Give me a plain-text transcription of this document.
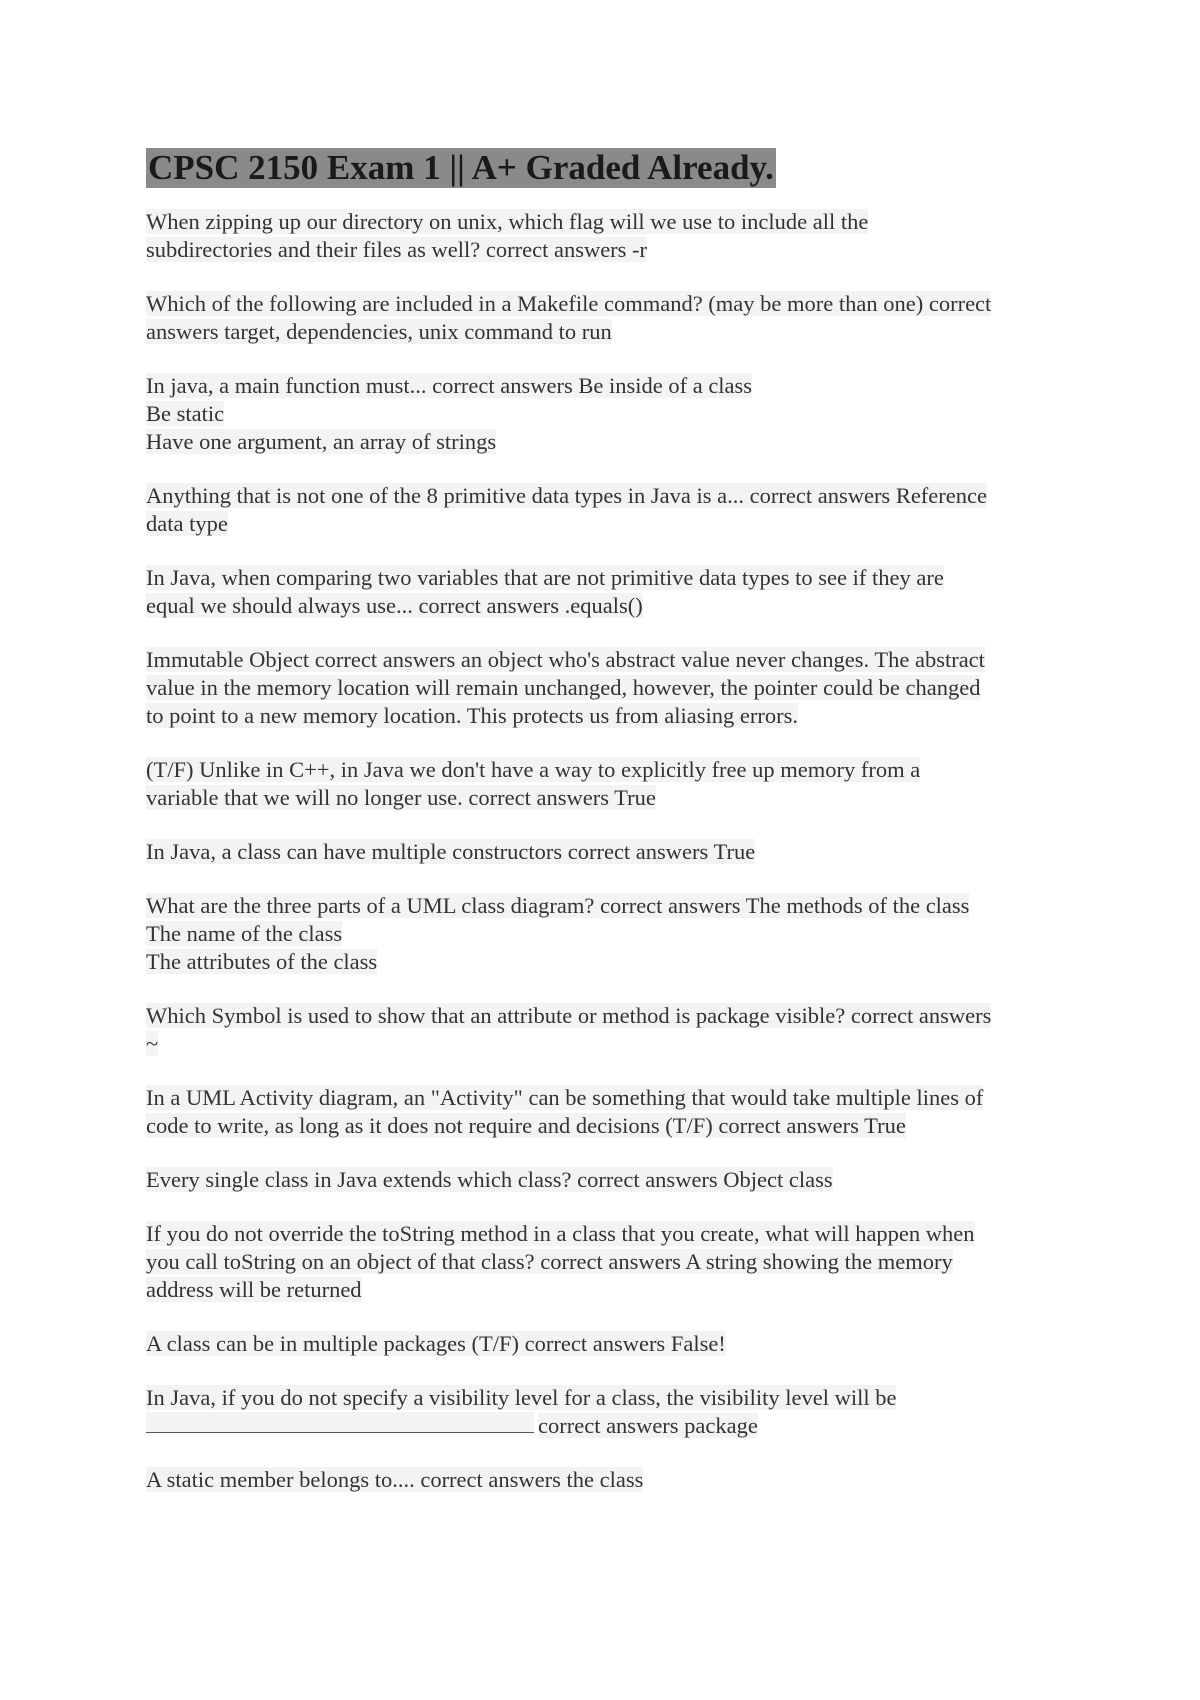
CPSC 2150 Exam 1 || A+ Graded Already.
When zipping up our directory on unix, which flag will we use to include all the
subdirectories and their files as well? correct answers -r
Which of the following are included in a Makefile command? (may be more than one) correct
answers target, dependencies, unix command to run
In java, a main function must... correct answers Be inside of a class
Be static
Have one argument, an array of strings
Anything that is not one of the 8 primitive data types in Java is a... correct answers Reference
data type
In Java, when comparing two variables that are not primitive data types to see if they are
equal we should always use... correct answers .equals()
Immutable Object correct answers an object who's abstract value never changes. The abstract
value in the memory location will remain unchanged, however, the pointer could be changed
to point to a new memory location. This protects us from aliasing errors.
(T/F) Unlike in C++, in Java we don't have a way to explicitly free up memory from a
variable that we will no longer use. correct answers True
In Java, a class can have multiple constructors correct answers True
What are the three parts of a UML class diagram? correct answers The methods of the class
The name of the class
The attributes of the class
Which Symbol is used to show that an attribute or method is package visible? correct answers
~
In a UML Activity diagram, an "Activity" can be something that would take multiple lines of
code to write, as long as it does not require and decisions (T/F) correct answers True
Every single class in Java extends which class? correct answers Object class
If you do not override the toString method in a class that you create, what will happen when
you call toString on an object of that class? correct answers A string showing the memory
address will be returned
A class can be in multiple packages (T/F) correct answers False!
In Java, if you do not specify a visibility level for a class, the visibility level will be
correct answers package
A static member belongs to.... correct answers the class
